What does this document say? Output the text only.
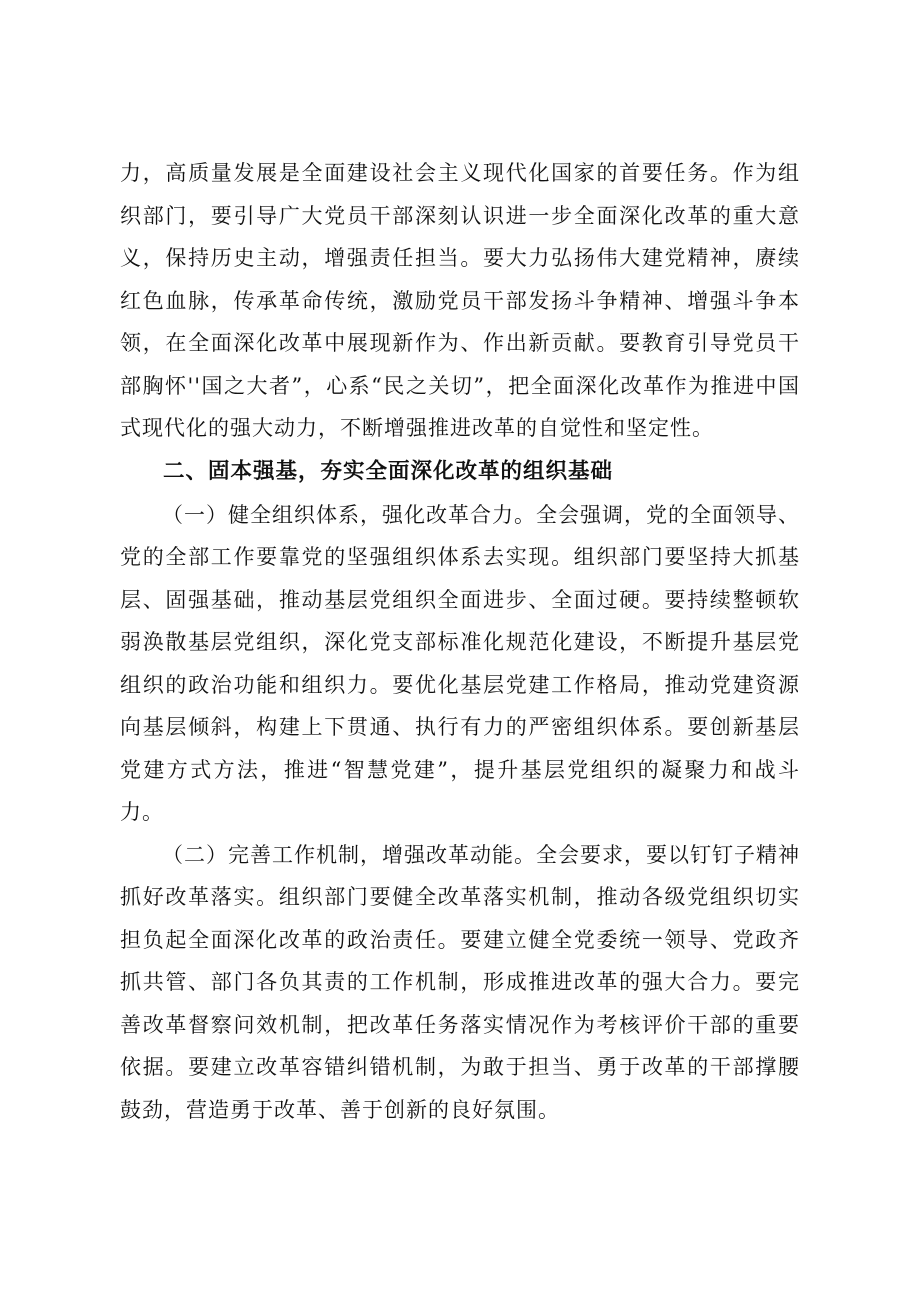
力，高质量发展是全面建设社会主义现代化国家的首要任务。作为组织部门，要引导广大党员干部深刻认识进一步全面深化改革的重大意义，保持历史主动，增强责任担当。要大力弘扬伟大建党精神，赓续红色血脉，传承革命传统，激励党员干部发扬斗争精神、增强斗争本领，在全面深化改革中展现新作为、作出新贡献。要教育引导党员干部胸怀''国之大者”，心系“民之关切”，把全面深化改革作为推进中国式现代化的强大动力，不断增强推进改革的自觉性和坚定性。

二、固本强基，夯实全面深化改革的组织基础

（一）健全组织体系，强化改革合力。全会强调，党的全面领导、党的全部工作要靠党的坚强组织体系去实现。组织部门要坚持大抓基层、固强基础，推动基层党组织全面进步、全面过硬。要持续整顿软弱涣散基层党组织，深化党支部标准化规范化建设，不断提升基层党组织的政治功能和组织力。要优化基层党建工作格局，推动党建资源向基层倾斜，构建上下贯通、执行有力的严密组织体系。要创新基层党建方式方法，推进“智慧党建”，提升基层党组织的凝聚力和战斗力。

（二）完善工作机制，增强改革动能。全会要求，要以钉钉子精神抓好改革落实。组织部门要健全改革落实机制，推动各级党组织切实担负起全面深化改革的政治责任。要建立健全党委统一领导、党政齐抓共管、部门各负其责的工作机制，形成推进改革的强大合力。要完善改革督察问效机制，把改革任务落实情况作为考核评价干部的重要依据。要建立改革容错纠错机制，为敢于担当、勇于改革的干部撑腰鼓劲，营造勇于改革、善于创新的良好氛围。
